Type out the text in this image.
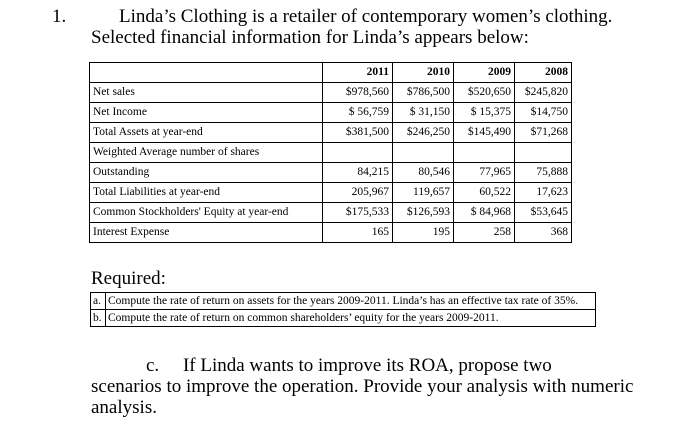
1.	Linda’s Clothing is a retailer of contemporary women’s clothing.
Selected financial information for Linda’s appears below:
	2011	2010	2009	2008
Net sales	$978,560	$786,500	$520,650	$245,820
Net Income	$ 56,759	$ 31,150	$ 15,375	$14,750
Total Assets at year-end	$381,500	$246,250	$145,490	$71,268
Weighted Average number of shares				
Outstanding	84,215	80,546	77,965	75,888
Total Liabilities at year-end	205,967	119,657	60,522	17,623
Common Stockholders' Equity at year-end	$175,533	$126,593	$ 84,968	$53,645
Interest Expense	165	195	258	368
Required:
a.	Compute the rate of return on assets for the years 2009-2011. Linda’s has an effective tax rate of 35%.
b.	Compute the rate of return on common shareholders’ equity for the years 2009-2011.
c. If Linda wants to improve its ROA, propose two
scenarios to improve the operation. Provide your analysis with numeric analysis.
